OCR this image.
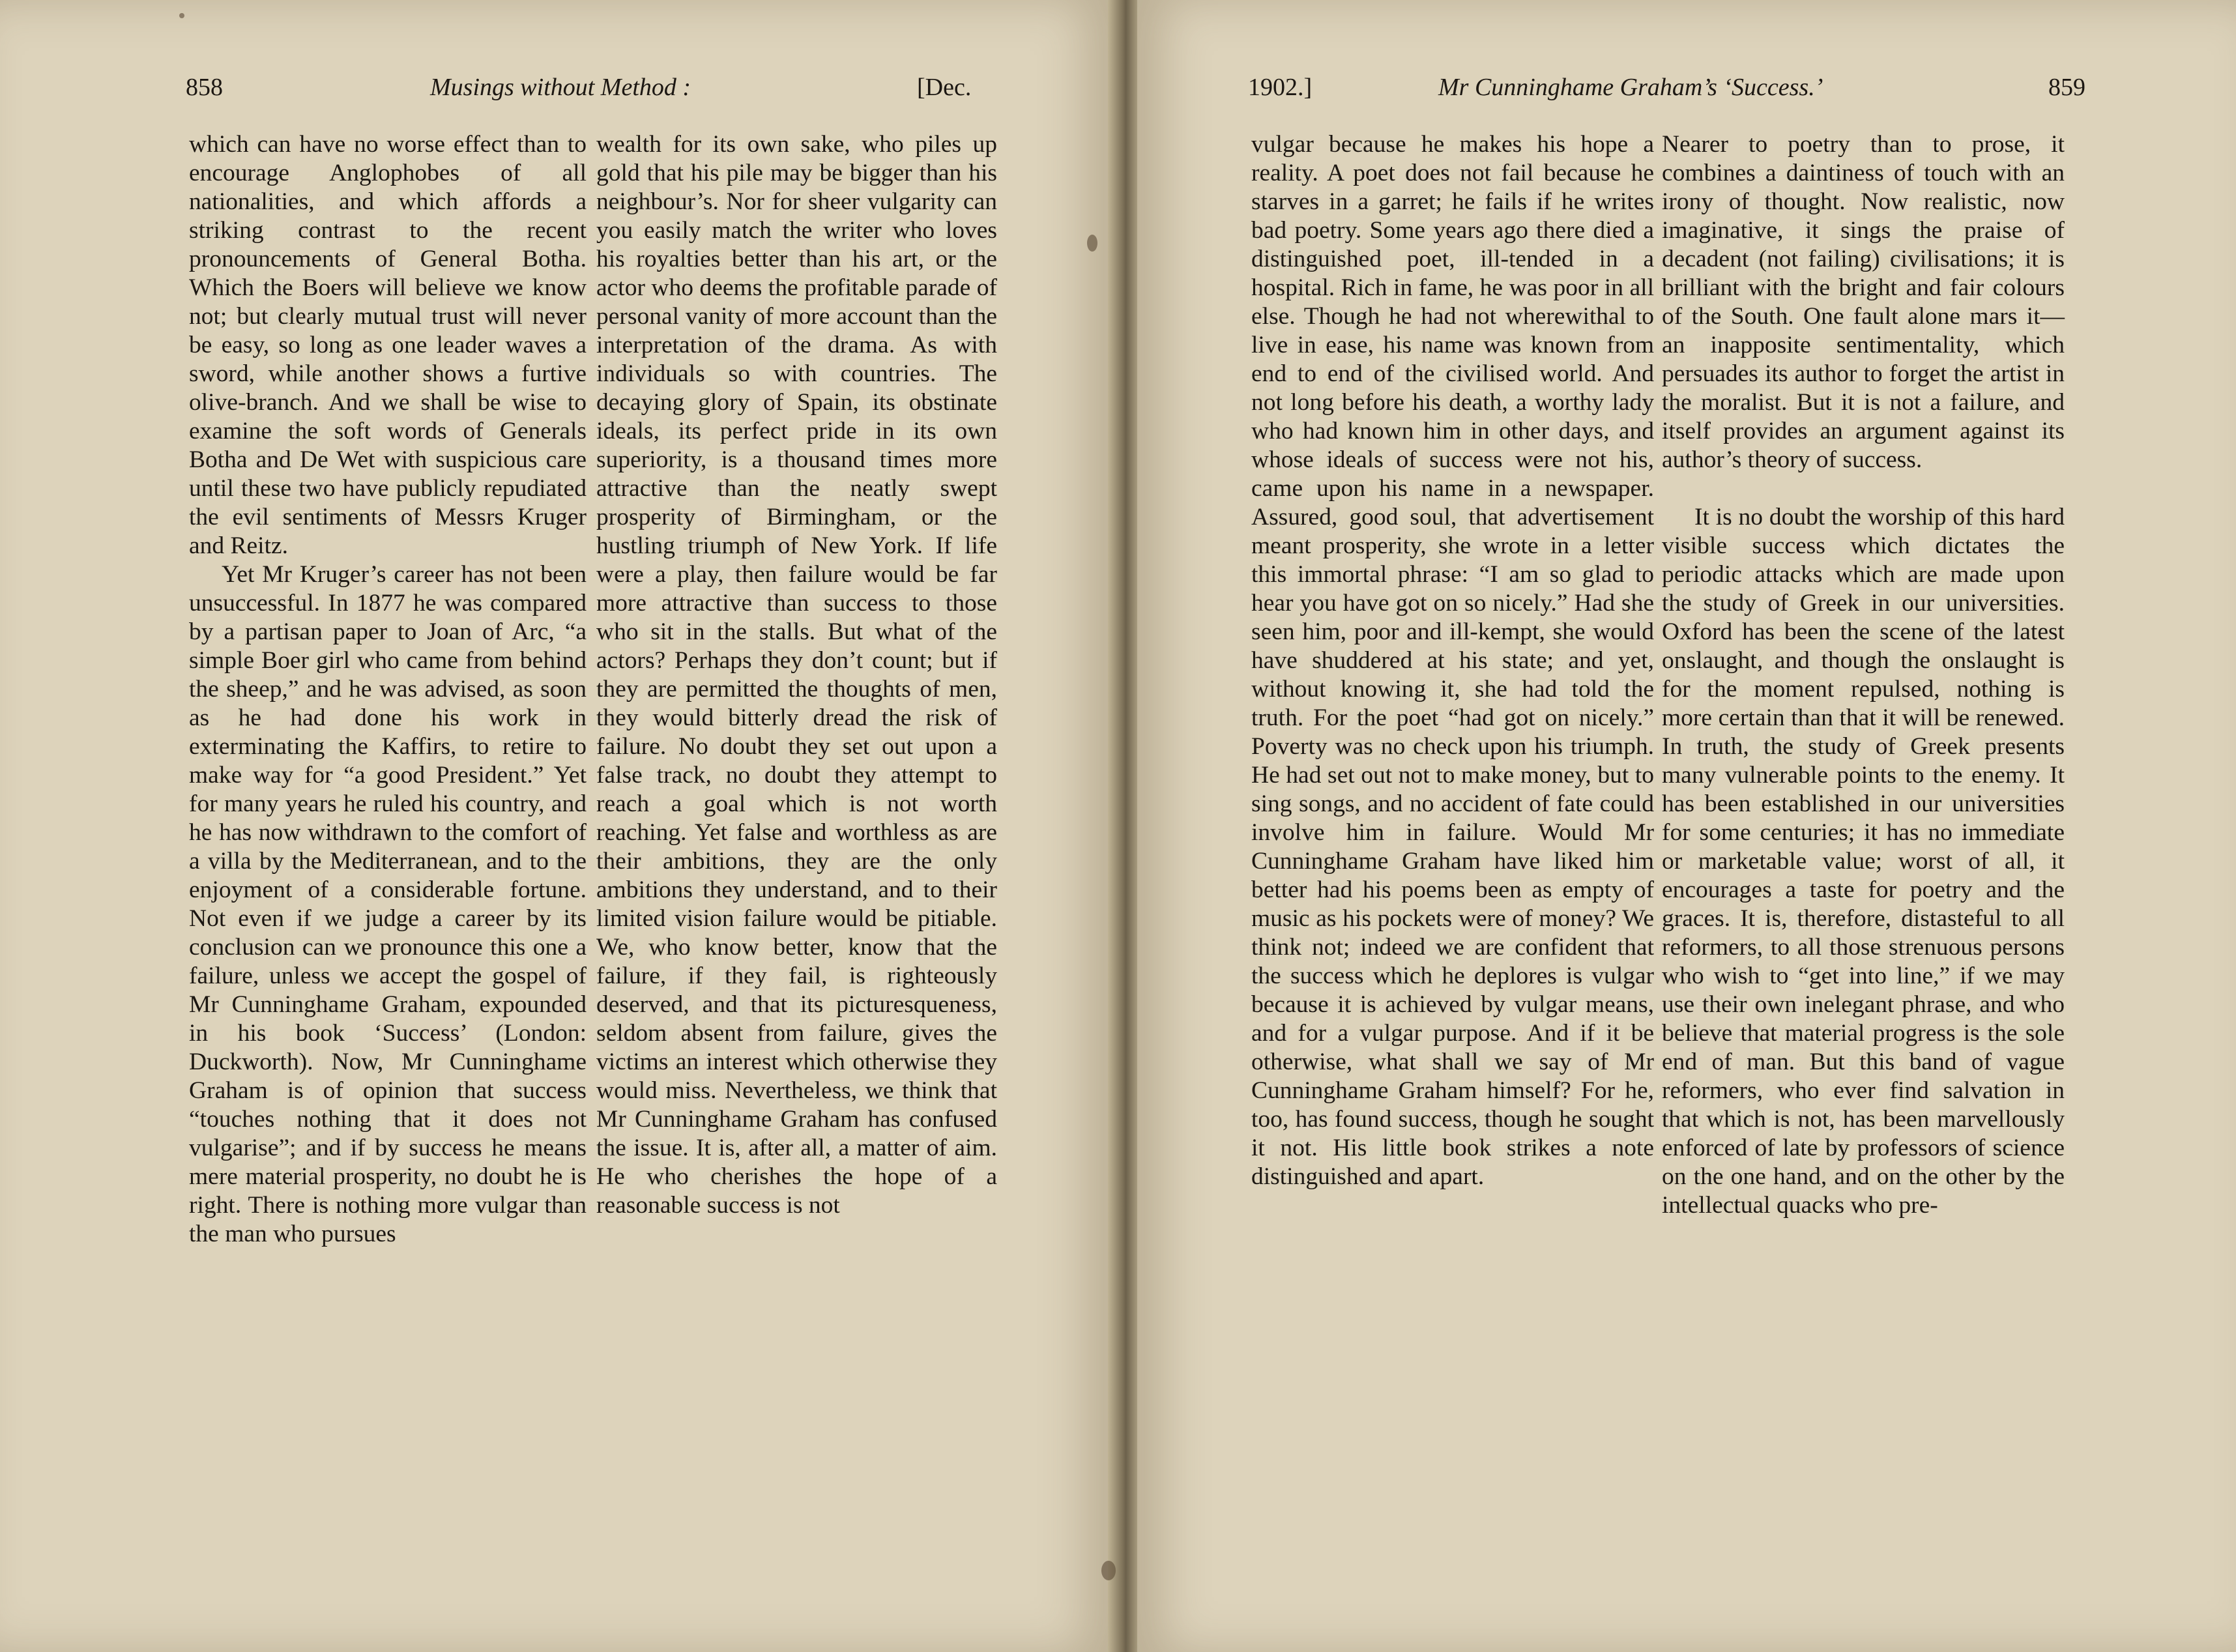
858	Musings without Method :	[Dec.

which can have no worse effect than to encourage Anglophobes of all nationalities, and which affords a striking contrast to the recent pronouncements of General Botha. Which the Boers will believe we know not; but clearly mutual trust will never be easy, so long as one leader waves a sword, while another shows a furtive olive-branch. And we shall be wise to examine the soft words of Generals Botha and De Wet with suspicious care until these two have publicly repudiated the evil sentiments of Messrs Kruger and Reitz.

Yet Mr Kruger’s career has not been unsuccessful. In 1877 he was compared by a partisan paper to Joan of Arc, “a simple Boer girl who came from behind the sheep,” and he was advised, as soon as he had done his work in exterminating the Kaffirs, to retire to make way for “a good President.” Yet for many years he ruled his country, and he has now withdrawn to the comfort of a villa by the Mediterranean, and to the enjoyment of a considerable fortune. Not even if we judge a career by its conclusion can we pronounce this one a failure, unless we accept the gospel of Mr Cunninghame Graham, expounded in his book ‘Success’ (London: Duckworth). Now, Mr Cunninghame Graham is of opinion that success “touches nothing that it does not vulgarise”; and if by success he means mere material prosperity, no doubt he is right. There is nothing more vulgar than the man who pursues

wealth for its own sake, who piles up gold that his pile may be bigger than his neighbour’s. Nor for sheer vulgarity can you easily match the writer who loves his royalties better than his art, or the actor who deems the profitable parade of personal vanity of more account than the interpretation of the drama. As with individuals so with countries. The decaying glory of Spain, its obstinate ideals, its perfect pride in its own superiority, is a thousand times more attractive than the neatly swept prosperity of Birmingham, or the hustling triumph of New York. If life were a play, then failure would be far more attractive than success to those who sit in the stalls. But what of the actors? Perhaps they don’t count; but if they are permitted the thoughts of men, they would bitterly dread the risk of failure. No doubt they set out upon a false track, no doubt they attempt to reach a goal which is not worth reaching. Yet false and worthless as are their ambitions, they are the only ambitions they understand, and to their limited vision failure would be pitiable. We, who know better, know that the failure, if they fail, is righteously deserved, and that its picturesqueness, seldom absent from failure, gives the victims an interest which otherwise they would miss. Nevertheless, we think that Mr Cunninghame Graham has confused the issue. It is, after all, a matter of aim. He who cherishes the hope of a reasonable success is not

1902.]	Mr Cunninghame Graham’s ‘Success.’	859

vulgar because he makes his hope a reality. A poet does not fail because he starves in a garret; he fails if he writes bad poetry. Some years ago there died a distinguished poet, ill-tended in a hospital. Rich in fame, he was poor in all else. Though he had not wherewithal to live in ease, his name was known from end to end of the civilised world. And not long before his death, a worthy lady who had known him in other days, and whose ideals of success were not his, came upon his name in a newspaper. Assured, good soul, that advertisement meant prosperity, she wrote in a letter this immortal phrase: “I am so glad to hear you have got on so nicely.” Had she seen him, poor and ill-kempt, she would have shuddered at his state; and yet, without knowing it, she had told the truth. For the poet “had got on nicely.” Poverty was no check upon his triumph. He had set out not to make money, but to sing songs, and no accident of fate could involve him in failure. Would Mr Cunninghame Graham have liked him better had his poems been as empty of music as his pockets were of money? We think not; indeed we are confident that the success which he deplores is vulgar because it is achieved by vulgar means, and for a vulgar purpose. And if it be otherwise, what shall we say of Mr Cunninghame Graham himself? For he, too, has found success, though he sought it not. His little book strikes a note distinguished and apart.

Nearer to poetry than to prose, it combines a daintiness of touch with an irony of thought. Now realistic, now imaginative, it sings the praise of decadent (not failing) civilisations; it is brilliant with the bright and fair colours of the South. One fault alone mars it—an inapposite sentimentality, which persuades its author to forget the artist in the moralist. But it is not a failure, and itself provides an argument against its author’s theory of success.

It is no doubt the worship of this hard visible success which dictates the periodic attacks which are made upon the study of Greek in our universities. Oxford has been the scene of the latest onslaught, and though the onslaught is for the moment repulsed, nothing is more certain than that it will be renewed. In truth, the study of Greek presents many vulnerable points to the enemy. It has been established in our universities for some centuries; it has no immediate or marketable value; worst of all, it encourages a taste for poetry and the graces. It is, therefore, distasteful to all reformers, to all those strenuous persons who wish to “get into line,” if we may use their own inelegant phrase, and who believe that material progress is the sole end of man. But this band of vague reformers, who ever find salvation in that which is not, has been marvellously enforced of late by professors of science on the one hand, and on the other by the intellectual quacks who pre-
